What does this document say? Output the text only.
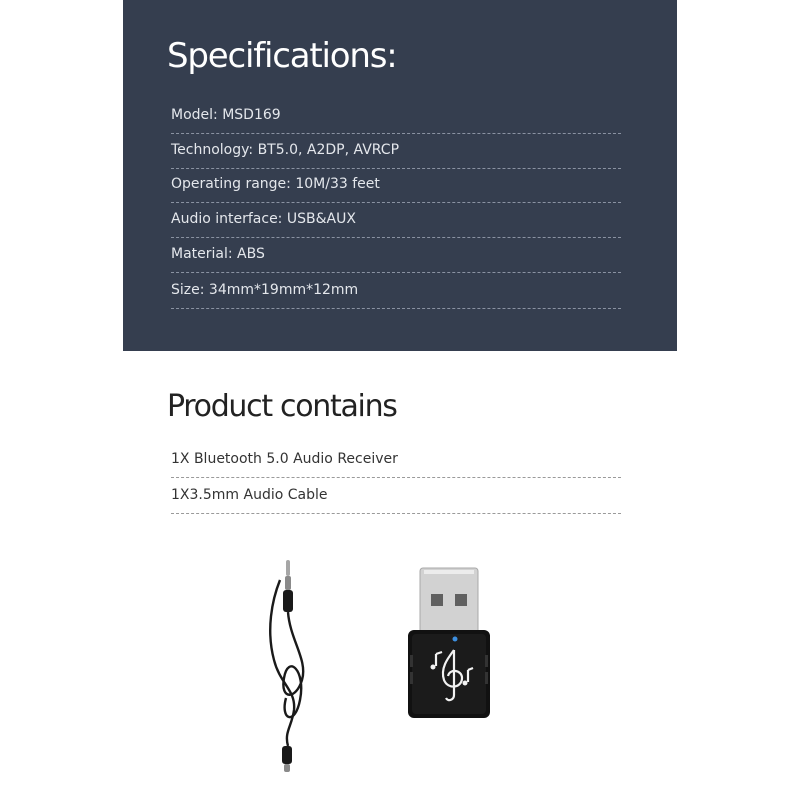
Specifications:
Model: MSD169
Technology: BT5.0, A2DP, AVRCP
Operating range: 10M/33 feet
Audio interface: USB&AUX
Material: ABS
Size: 34mm*19mm*12mm
Product contains
1X Bluetooth 5.0 Audio Receiver
1X3.5mm Audio Cable
